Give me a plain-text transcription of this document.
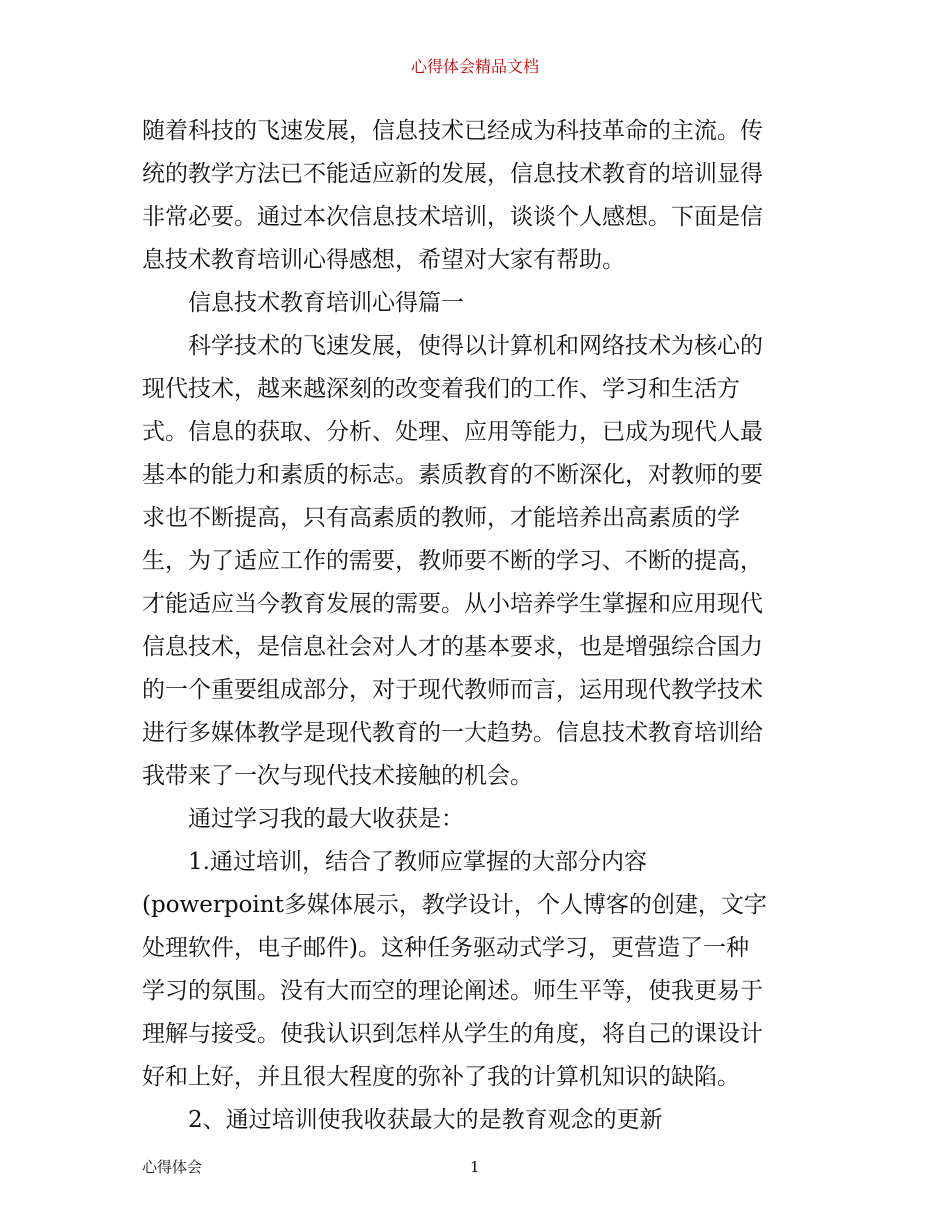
心得体会精品文档
随着科技的飞速发展，信息技术已经成为科技革命的主流。传
统的教学方法已不能适应新的发展，信息技术教育的培训显得
非常必要。通过本次信息技术培训，谈谈个人感想。下面是信
息技术教育培训心得感想，希望对大家有帮助。
信息技术教育培训心得篇一
科学技术的飞速发展，使得以计算机和网络技术为核心的
现代技术，越来越深刻的改变着我们的工作、学习和生活方
式。信息的获取、分析、处理、应用等能力，已成为现代人最
基本的能力和素质的标志。素质教育的不断深化，对教师的要
求也不断提高，只有高素质的教师，才能培养出高素质的学
生，为了适应工作的需要，教师要不断的学习、不断的提高，
才能适应当今教育发展的需要。从小培养学生掌握和应用现代
信息技术，是信息社会对人才的基本要求，也是增强综合国力
的一个重要组成部分，对于现代教师而言，运用现代教学技术
进行多媒体教学是现代教育的一大趋势。信息技术教育培训给
我带来了一次与现代技术接触的机会。
通过学习我的最大收获是：
1.通过培训，结合了教师应掌握的大部分内容
(powerpoint多媒体展示，教学设计，个人博客的创建，文字
处理软件，电子邮件)。这种任务驱动式学习，更营造了一种
学习的氛围。没有大而空的理论阐述。师生平等，使我更易于
理解与接受。使我认识到怎样从学生的角度，将自己的课设计
好和上好，并且很大程度的弥补了我的计算机知识的缺陷。
2、通过培训使我收获最大的是教育观念的更新
心得体会	1
